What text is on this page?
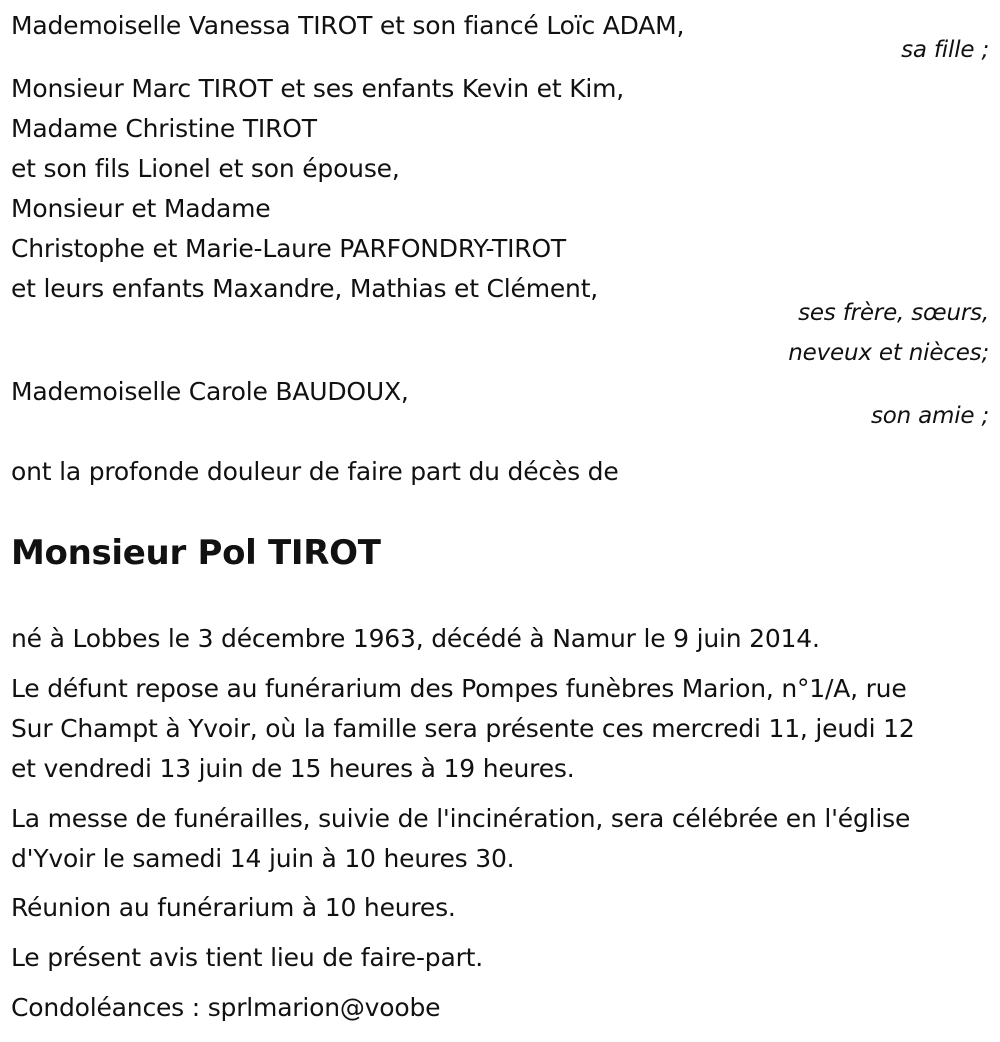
Mademoiselle Vanessa TIROT et son fiancé Loïc ADAM,
sa fille ;
Monsieur Marc TIROT et ses enfants Kevin et Kim,
Madame Christine TIROT
et son fils Lionel et son épouse,
Monsieur et Madame
Christophe et Marie-Laure PARFONDRY-TIROT
et leurs enfants Maxandre, Mathias et Clément,
ses frère, sœurs,
neveux et nièces;
Mademoiselle Carole BAUDOUX,
son amie ;
ont la profonde douleur de faire part du décès de
Monsieur Pol TIROT
né à Lobbes le 3 décembre 1963, décédé à Namur le 9 juin 2014.
Le défunt repose au funérarium des Pompes funèbres Marion, n°1/A, rue
Sur Champt à Yvoir, où la famille sera présente ces mercredi 11, jeudi 12
et vendredi 13 juin de 15 heures à 19 heures.
La messe de funérailles, suivie de l'incinération, sera célébrée en l'église
d'Yvoir le samedi 14 juin à 10 heures 30.
Réunion au funérarium à 10 heures.
Le présent avis tient lieu de faire-part.
Condoléances : sprlmarion@voobe
